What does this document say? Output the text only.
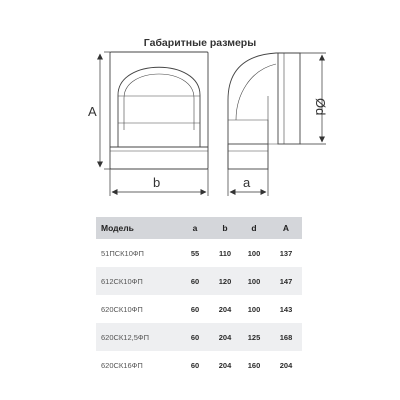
Габаритные размеры
A
b	a
Ød
Модель	a	b	d	A
51ПСК10ФП	55	110	100	137
612СК10ФП	60	120	100	147
620СК10ФП	60	204	100	143
620СК12,5ФП	60	204	125	168
620СК16ФП	60	204	160	204
